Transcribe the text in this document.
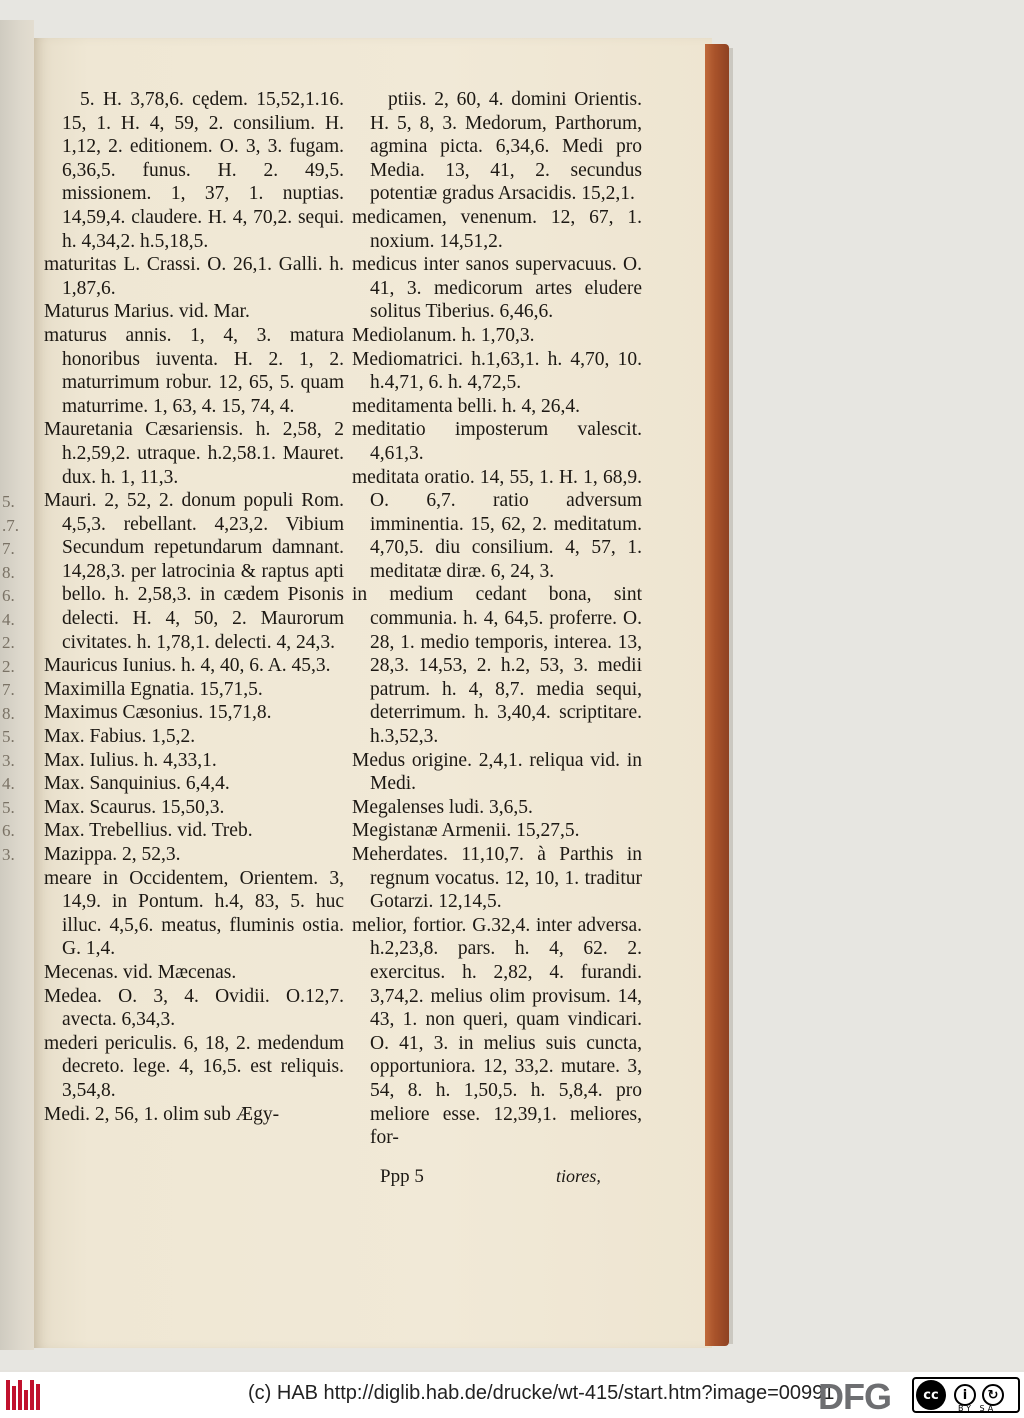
5.
.7.
7.
8.
6.
4.
2.
2.
7.
8.
5.
3.
4.
5.
6.
3.

5. H. 3,78,6. cędem. 15,52,1.16. 15, 1. H. 4, 59, 2. consilium. H. 1,12, 2. editionem. O. 3, 3. fugam. 6,36,5. funus. H. 2. 49,5. missionem. 1, 37, 1. nuptias. 14,59,4. claudere. H. 4, 70,2. sequi. h. 4,34,2. h.5,18,5.

maturitas L. Crassi. O. 26,1. Galli. h. 1,87,6.

Maturus Marius. vid. Mar.

maturus annis. 1, 4, 3. matura honoribus iuventa. H. 2. 1, 2. maturrimum robur. 12, 65, 5. quam maturrime. 1, 63, 4. 15, 74, 4.

Mauretania Cæsariensis. h. 2,58, 2 h.2,59,2. utraque. h.2,58.1. Mauret. dux. h. 1, 11,3.

Mauri. 2, 52, 2. donum populi Rom. 4,5,3. rebellant. 4,23,2. Vibium Secundum repetundarum damnant. 14,28,3. per latrocinia & raptus apti bello. h. 2,58,3. in cædem Pisonis delecti. H. 4, 50, 2. Maurorum civitates. h. 1,78,1. delecti. 4, 24,3.

Mauricus Iunius. h. 4, 40, 6. A. 45,3.

Maximilla Egnatia. 15,71,5.

Maximus Cæsonius. 15,71,8.

Max. Fabius. 1,5,2.

Max. Iulius. h. 4,33,1.

Max. Sanquinius. 6,4,4.

Max. Scaurus. 15,50,3.

Max. Trebellius. vid. Treb.

Mazippa. 2, 52,3.

meare in Occidentem, Orientem. 3, 14,9. in Pontum. h.4, 83, 5. huc illuc. 4,5,6. meatus, fluminis ostia. G. 1,4.

Mecenas. vid. Mæcenas.

Medea. O. 3, 4. Ovidii. O.12,7. avecta. 6,34,3.

mederi periculis. 6, 18, 2. medendum decreto. lege. 4, 16,5. est reliquis. 3,54,8.

Medi. 2, 56, 1. olim sub Ægy-

ptiis. 2, 60, 4. domini Orientis. H. 5, 8, 3. Medorum, Parthorum, agmina picta. 6,34,6. Medi pro Media. 13, 41, 2. secundus potentiæ gradus Arsacidis. 15,2,1.

medicamen, venenum. 12, 67, 1. noxium. 14,51,2.

medicus inter sanos supervacuus. O. 41, 3. medicorum artes eludere solitus Tiberius. 6,46,6.

Mediolanum. h. 1,70,3.

Mediomatrici. h.1,63,1. h. 4,70, 10. h.4,71, 6. h. 4,72,5.

meditamenta belli. h. 4, 26,4.

meditatio imposterum valescit. 4,61,3.

meditata oratio. 14, 55, 1. H. 1, 68,9. O. 6,7. ratio adversum imminentia. 15, 62, 2. meditatum. 4,70,5. diu consilium. 4, 57, 1. meditatæ diræ. 6, 24, 3.

in medium cedant bona, sint communia. h. 4, 64,5. proferre. O. 28, 1. medio temporis, interea. 13, 28,3. 14,53, 2. h.2, 53, 3. medii patrum. h. 4, 8,7. media sequi, deterrimum. h. 3,40,4. scriptitare. h.3,52,3.

Medus origine. 2,4,1. reliqua vid. in Medi.

Megalenses ludi. 3,6,5.

Megistanæ Armenii. 15,27,5.

Meherdates. 11,10,7. à Parthis in regnum vocatus. 12, 10, 1. traditur Gotarzi. 12,14,5.

melior, fortior. G.32,4. inter adversa. h.2,23,8. pars. h. 4, 62. 2. exercitus. h. 2,82, 4. furandi. 3,74,2. melius olim provisum. 14, 43, 1. non queri, quam vindicari. O. 41, 3. in melius suis cuncta, opportuniora. 12, 33,2. mutare. 3, 54, 8. h. 1,50,5. h. 5,8,4. pro meliore esse. 12,39,1. meliores, for-

Ppp 5	tiores,
(c) HAB http://diglib.hab.de/drucke/wt-415/start.htm?image=00991
DFG	cc	i	↻
BY SA
